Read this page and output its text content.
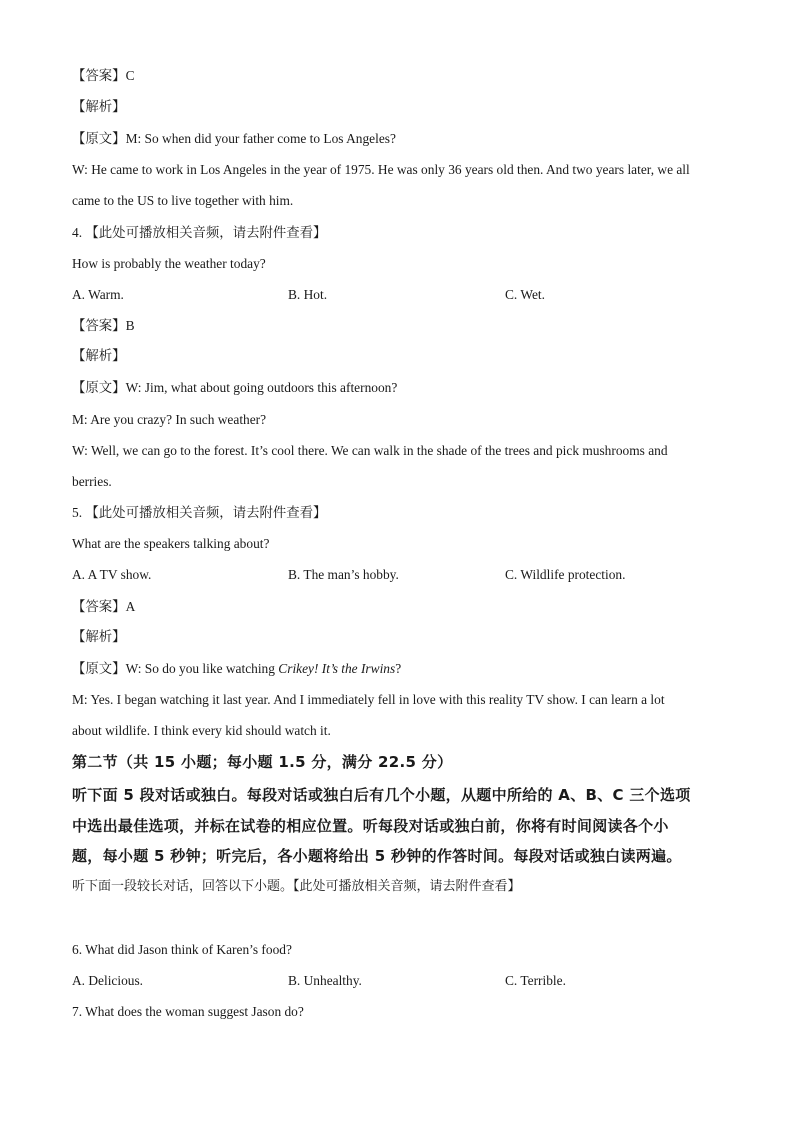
【答案】C
【解析】
【原文】M: So when did your father come to Los Angeles?
W: He came to work in Los Angeles in the year of 1975. He was only 36 years old then. And two years later, we all
came to the US to live together with him.
4. 【此处可播放相关音频，请去附件查看】
How is probably the weather today?
A. Warm.	B. Hot.	C. Wet.
【答案】B
【解析】
【原文】W: Jim, what about going outdoors this afternoon?
M: Are you crazy? In such weather?
W: Well, we can go to the forest. It’s cool there. We can walk in the shade of the trees and pick mushrooms and
berries.
5. 【此处可播放相关音频，请去附件查看】
What are the speakers talking about?
A. A TV show.	B. The man’s hobby.	C. Wildlife protection.
【答案】A
【解析】
【原文】W: So do you like watching Crikey! It’s the Irwins?
M: Yes. I began watching it last year. And I immediately fell in love with this reality TV show. I can learn a lot
about wildlife. I think every kid should watch it.
第二节（共 15 小题；每小题 1.5 分，满分 22.5 分）
听下面 5 段对话或独白。每段对话或独白后有几个小题，从题中所给的 A、B、C 三个选项
中选出最佳选项，并标在试卷的相应位置。听每段对话或独白前，你将有时间阅读各个小
题，每小题 5 秒钟；听完后，各小题将给出 5 秒钟的作答时间。每段对话或独白读两遍。
听下面一段较长对话，回答以下小题。【此处可播放相关音频，请去附件查看】
6. What did Jason think of Karen’s food?
A. Delicious.	B. Unhealthy.	C. Terrible.
7. What does the woman suggest Jason do?
